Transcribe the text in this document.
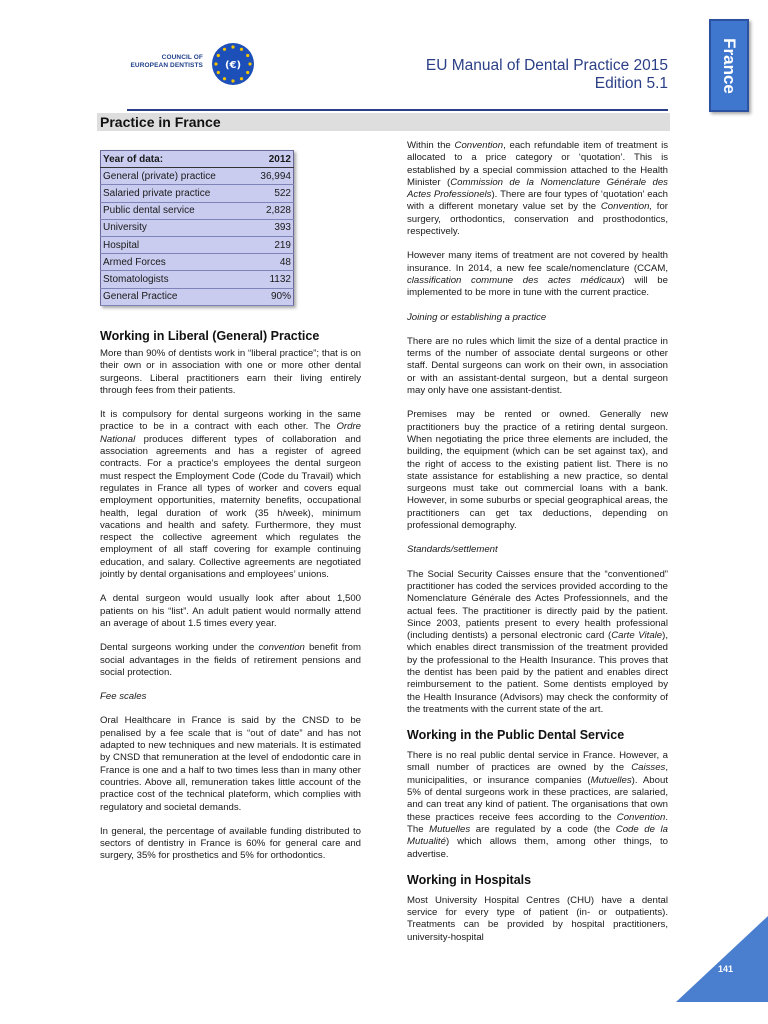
COUNCIL OF
EUROPEAN DENTISTS (€)	EU Manual of Dental Practice 2015
Edition 5.1	France
Practice in France
Year of data:	2012
General (private) practice	36,994
Salaried private practice	522
Public dental service	2,828
University	393
Hospital	219
Armed Forces	48
Stomatologists	1132
General Practice	90%
Working in Liberal (General) Practice

More than 90% of dentists work in “liberal practice”; that is on their own or in association with one or more other dental surgeons. Liberal practitioners earn their living entirely through fees from their patients.

It is compulsory for dental surgeons working in the same practice to be in a contract with each other. The Ordre National produces different types of collaboration and association agreements and has a register of agreed contracts. For a practice’s employees the dental surgeon must respect the Employment Code (Code du Travail) which regulates in France all types of worker and covers equal employment opportunities, maternity benefits, occupational health, legal duration of work (35 h/week), minimum vacations and health and safety. Furthermore, they must respect the collective agreement which regulates the employment of all staff covering for example continuing education, and salary. Collective agreements are negotiated jointly by dental organisations and employees’ unions.

A dental surgeon would usually look after about 1,500 patients on his “list”. An adult patient would normally attend an average of about 1.5 times every year.

Dental surgeons working under the convention benefit from social advantages in the fields of retirement pensions and social protection.

Fee scales

Oral Healthcare in France is said by the CNSD to be penalised by a fee scale that is “out of date” and has not adapted to new techniques and new materials. It is estimated by CNSD that remuneration at the level of endodontic care in France is one and a half to two times less than in many other countries. Above all, remuneration takes little account of the practice cost of the technical plateform, which complies with regulatory and societal demands.

In general, the percentage of available funding distributed to sectors of dentistry in France is 60% for general care and surgery, 35% for prosthetics and 5% for orthodontics.

Within the Convention, each refundable item of treatment is allocated to a price category or ‘quotation’. This is established by a special commission attached to the Health Minister (Commission de la Nomenclature Générale des Actes Professionels). There are four types of ‘quotation’ each with a different monetary value set by the Convention, for surgery, orthodontics, conservation and prosthodontics, respectively.

However many items of treatment are not covered by health insurance. In 2014, a new fee scale/nomenclature (CCAM, classification commune des actes médicaux) will be implemented to be more in tune with the current practice.

Joining or establishing a practice

There are no rules which limit the size of a dental practice in terms of the number of associate dental surgeons or other staff. Dental surgeons can work on their own, in association or with an assistant-dental surgeon, but a dental surgeon may only have one assistant-dentist.

Premises may be rented or owned. Generally new practitioners buy the practice of a retiring dental surgeon. When negotiating the price three elements are included, the building, the equipment (which can be set against tax), and the right of access to the existing patient list. There is no state assistance for establishing a new practice, so dental surgeons must take out commercial loans with a bank. However, in some suburbs or special geographical areas, the practitioners can get tax deductions, depending on professional demography.

Standards/settlement

The Social Security Caisses ensure that the “conventioned” practitioner has coded the services provided according to the Nomenclature Générale des Actes Professionnels, and the actual fees. The practitioner is directly paid by the patient. Since 2003, patients present to every health professional (including dentists) a personal electronic card (Carte Vitale), which enables direct transmission of the treatment provided by the professional to the Health Insurance. This proves that the dentist has been paid by the patient and enables direct reimbursement to the patient. Some dentists employed by the Health Insurance (Advisors) may check the conformity of the treatments with the current state of the art.

Working in the Public Dental Service

There is no real public dental service in France. However, a small number of practices are owned by the Caisses, municipalities, or insurance companies (Mutuelles). About 5% of dental surgeons work in these practices, are salaried, and can treat any kind of patient. The organisations that own these practices receive fees according to the Convention. The Mutuelles are regulated by a code (the Code de la Mutualité) which allows them, among other things, to advertise.

Working in Hospitals

Most University Hospital Centres (CHU) have a dental service for every type of patient (in- or outpatients). Treatments can be provided by hospital practitioners, university-hospital

141
